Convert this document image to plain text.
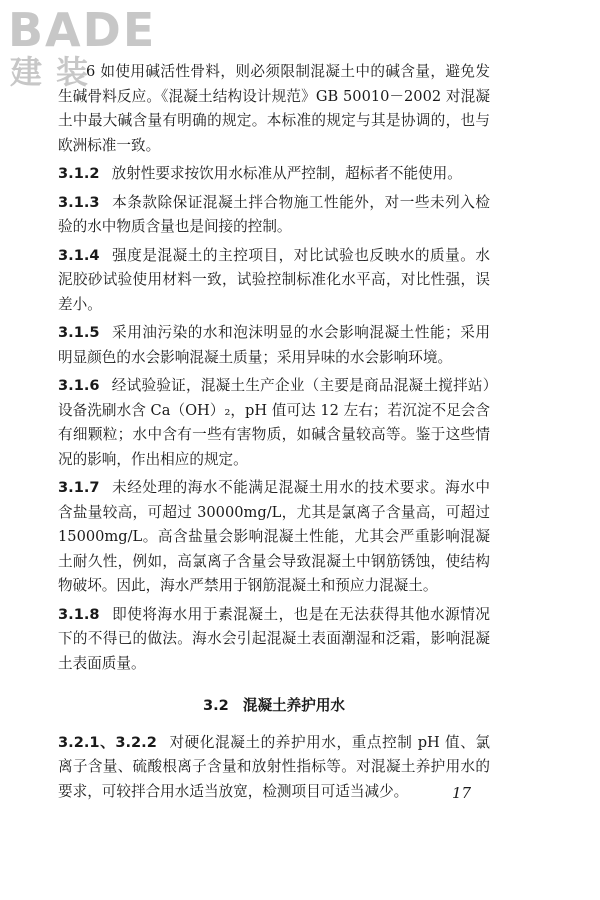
BADE
建装

6 如使用碱活性骨料，则必须限制混凝土中的碱含量，避免发生碱骨料反应。《混凝土结构设计规范》GB 50010－2002 对混凝土中最大碱含量有明确的规定。本标准的规定与其是协调的，也与欧洲标准一致。

3.1.2 放射性要求按饮用水标准从严控制，超标者不能使用。

3.1.3 本条款除保证混凝土拌合物施工性能外，对一些未列入检验的水中物质含量也是间接的控制。

3.1.4 强度是混凝土的主控项目，对比试验也反映水的质量。水泥胶砂试验使用材料一致，试验控制标准化水平高，对比性强，误差小。

3.1.5 采用油污染的水和泡沫明显的水会影响混凝土性能；采用明显颜色的水会影响混凝土质量；采用异味的水会影响环境。

3.1.6 经试验验证，混凝土生产企业（主要是商品混凝土搅拌站）设备洗刷水含 Ca（OH）₂，pH 值可达 12 左右；若沉淀不足会含有细颗粒；水中含有一些有害物质，如碱含量较高等。鉴于这些情况的影响，作出相应的规定。

3.1.7 未经处理的海水不能满足混凝土用水的技术要求。海水中含盐量较高，可超过 30000mg/L，尤其是氯离子含量高，可超过 15000mg/L。高含盐量会影响混凝土性能，尤其会严重影响混凝土耐久性，例如，高氯离子含量会导致混凝土中钢筋锈蚀，使结构物破坏。因此，海水严禁用于钢筋混凝土和预应力混凝土。

3.1.8 即使将海水用于素混凝土，也是在无法获得其他水源情况下的不得已的做法。海水会引起混凝土表面潮湿和泛霜，影响混凝土表面质量。

3.2 混凝土养护用水

3.2.1、3.2.2 对硬化混凝土的养护用水，重点控制 pH 值、氯离子含量、硫酸根离子含量和放射性指标等。对混凝土养护用水的要求，可较拌合用水适当放宽，检测项目可适当减少。	17
